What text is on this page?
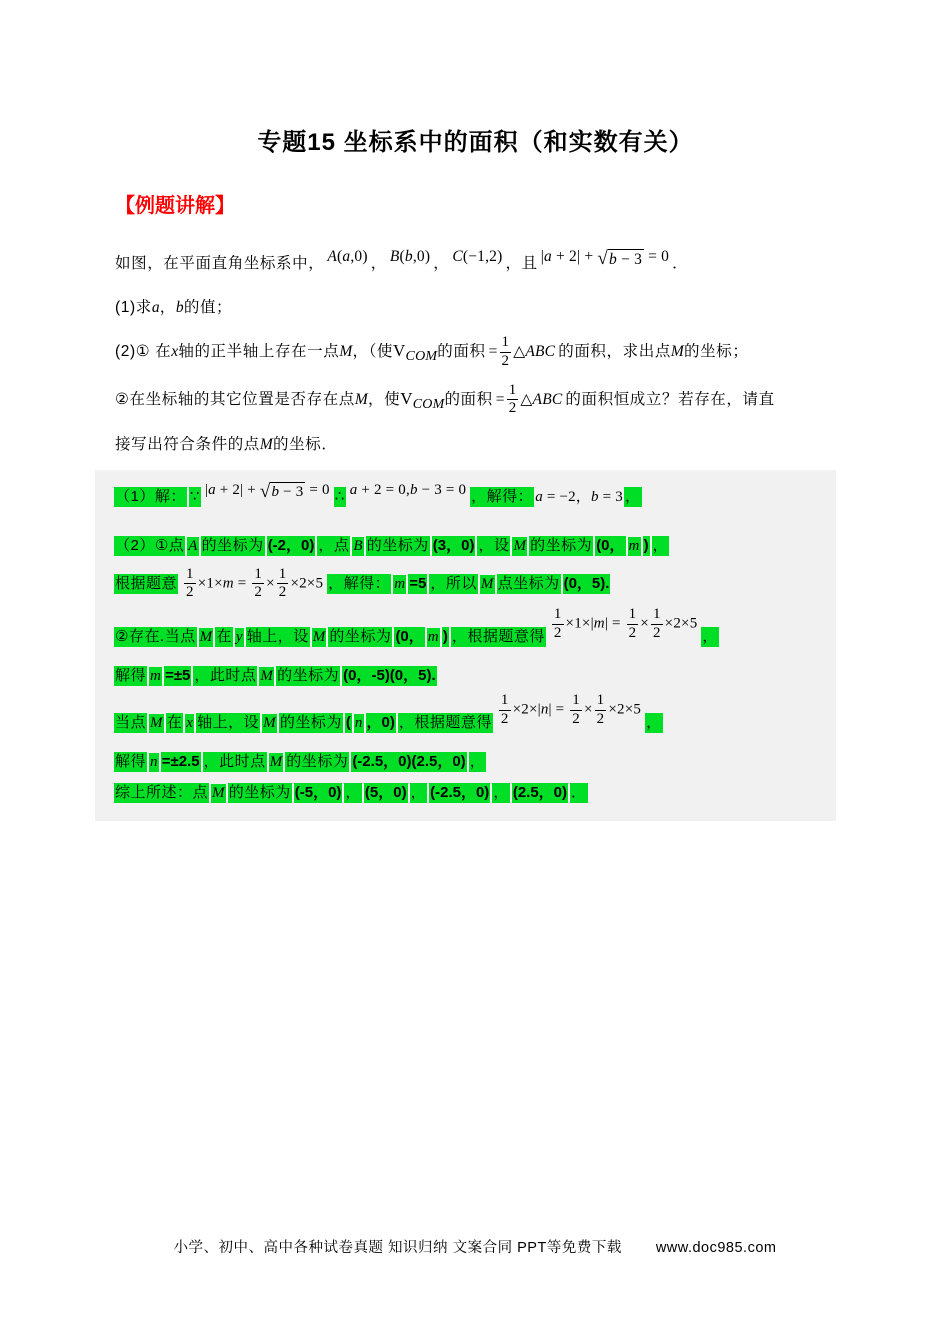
专题15 坐标系中的面积（和实数有关）
【例题讲解】
如图，在平面直角坐标系中， A(a,0) ， B(b,0) ， C(−1,2) ，且 |a + 2| + √ b − 3 = 0 ．
(1)求a，b的值；
(2)① 在x轴的正半轴上存在一点M，（使VCOM的面积 = $\frac{1}{2}$ △ABC 的面积，求出点M的坐标；
②在坐标轴的其它位置是否存在点M，使VCOM的面积 = $\frac{1}{2}$ △ABC 的面积恒成立？若存在，请直
接写出符合条件的点M的坐标．
（1）解： ∵ |a + 2| + √ b − 3 = 0 ∴ a + 2 = 0,b − 3 = 0 ，解得： a = −2，b = 3 ，
（2）①点 A 的坐标为 (-2，0) ，点 B 的坐标为 (3，0) ，设 M 的坐标为 (0， m ) ，
根据题意 $\frac{1}{2} \times 1\times m = \frac{1}{2} \times \frac{1}{2} \times 2\times 5$ ，解得： m =5 ，所以 M 点坐标为 (0，5).
②存在.当点 M 在 y 轴上，设 M 的坐标为 (0， m ) ，根据题意得 $\frac{1}{2} \times 1\times|m| = \frac{1}{2} \times \frac{1}{2} \times 2\times 5$，
解得 m =±5 ，此时点 M 的坐标为 (0，-5)(0，5).
当点 M 在 x 轴上，设 M 的坐标为 ( n ，0) ，根据题意得 $\frac{1}{2} \times 2\times|n| = \frac{1}{2} \times \frac{1}{2} \times 2\times 5$，
解得 n =±2.5 ，此时点 M 的坐标为 (-2.5，0)(2.5，0) ，
综上所述：点 M 的坐标为 (-5，0) ， (5，0) ， (-2.5，0) ， (2.5，0) ．
小学、初中、高中各种试卷真题 知识归纳 文案合同 PPT等免费下载 www.doc985.com
